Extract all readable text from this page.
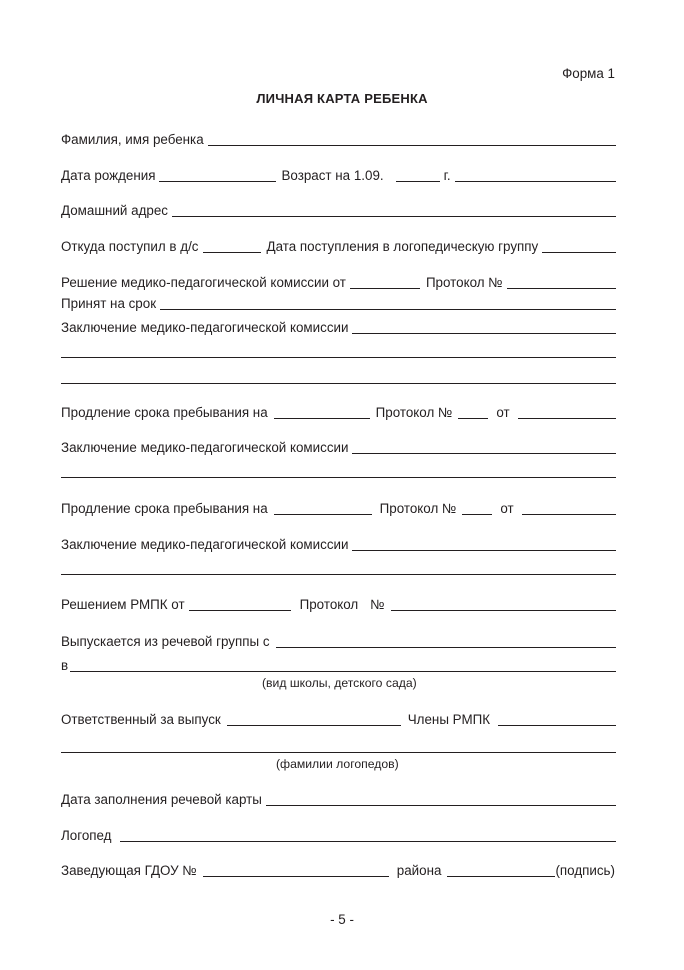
Форма 1
ЛИЧНАЯ КАРТА РЕБЕНКА
Фамилия, имя ребенка
Дата рождения	Возраст на 1.09.	г.
Домашний адрес
Откуда поступил в д/с	Дата поступления в логопедическую группу
Решение медико-педагогической комиссии от	Протокол №
Принят на срок
Заключение медико-педагогической комиссии
Продление срока пребывания на	Протокол №	от
Заключение медико-педагогической комиссии
Продление срока пребывания на	Протокол №	от
Заключение медико-педагогической комиссии
Решением РМПК от	Протокол №
Выпускается из речевой группы с
в
(вид школы, детского сада)
Ответственный за выпуск	Члены РМПК
(фамилии логопедов)
Дата заполнения речевой карты
Логопед
Заведующая ГДОУ №	района	(подпись)
- 5 -
